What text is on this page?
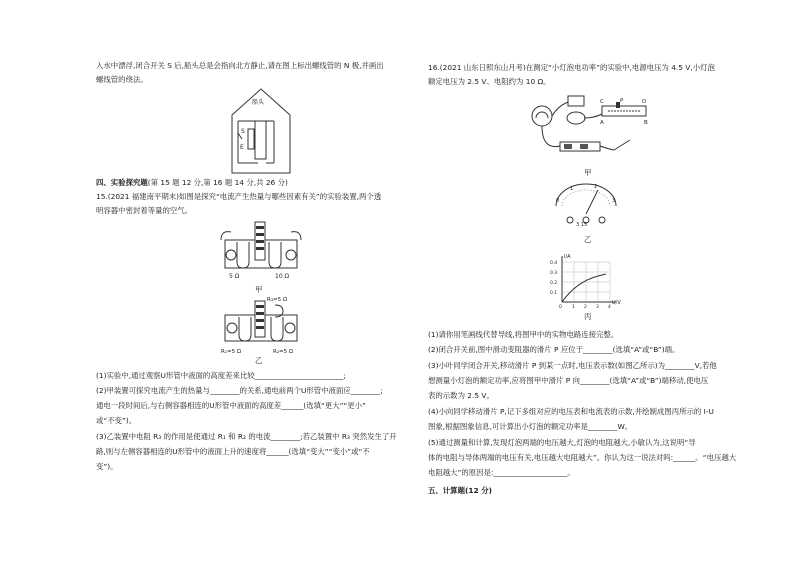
入水中漂浮,闭合开关 S 后,船头总是会指向北方静止,请在图上标出螺线管的 N 极,并画出
螺线管的绕法。
船头
S
E
四、实验探究题(第 15 题 12 分,第 16 题 14 分,共 26 分)
15.(2021 福建南平期末)如图是探究“电流产生热量与哪些因素有关”的实验装置,两个透
明容器中密封着等量的空气。
5 Ω	10 Ω
甲
R₃=5 Ω
R₁=5 Ω	R₂=5 Ω
乙
(1)实验中,通过观察U形管中液面的高度差来比较________________________;
(2)甲装置可探究电流产生的热量与________的关系,通电前两个U形管中液面应________;
通电一段时间后,与右侧容器相连的U形管中液面的高度差______(选填“更大”“更小”
或“不变”)。
(3)乙装置中电阻 R₃ 的作用是使通过 R₁ 和 R₂ 的电流________;若乙装置中 R₃ 突然发生了开
路,则与左侧容器相连的U形管中的液面上升的速度将______(选填“变大”“变小”或“不
变”)。
16.(2021 山东日照东山月考)在测定“小灯泡电功率”的实验中,电源电压为 4.5 V,小灯泡
额定电压为 2.5 V、电阻约为 10 Ω。
C	P	D
A	B
甲
0
1	2
3
3 15
乙
I/A
U/V
0.4
0.3
0.2
0.1
0 1 2 3 4
丙
(1)请你用笔画线代替导线,将图甲中的实物电路连接完整。
(2)闭合开关前,图中滑动变阻器的滑片 P 应位于________(选填“A”或“B”)端。
(3)小叶同学闭合开关,移动滑片 P 到某一点时,电压表示数(如图乙所示)为________V,若他
想测量小灯泡的额定功率,应将图甲中滑片 P 向________(选填“A”或“B”)端移动,使电压
表的示数为 2.5 V。
(4)小向同学移动滑片 P,记下多组对应的电压表和电流表的示数,并绘制成图丙所示的 I-U
图象,根据图象信息,可计算出小灯泡的额定功率是________W。
(5)通过测量和计算,发现灯泡两端的电压越大,灯泡的电阻越大,小敏认为,这说明“导
体的电阻与导体两端的电压有关,电压越大电阻越大”。你认为这一说法对吗:______。“电压越大
电阻越大”的原因是:____________________。
五、计算题(12 分)
